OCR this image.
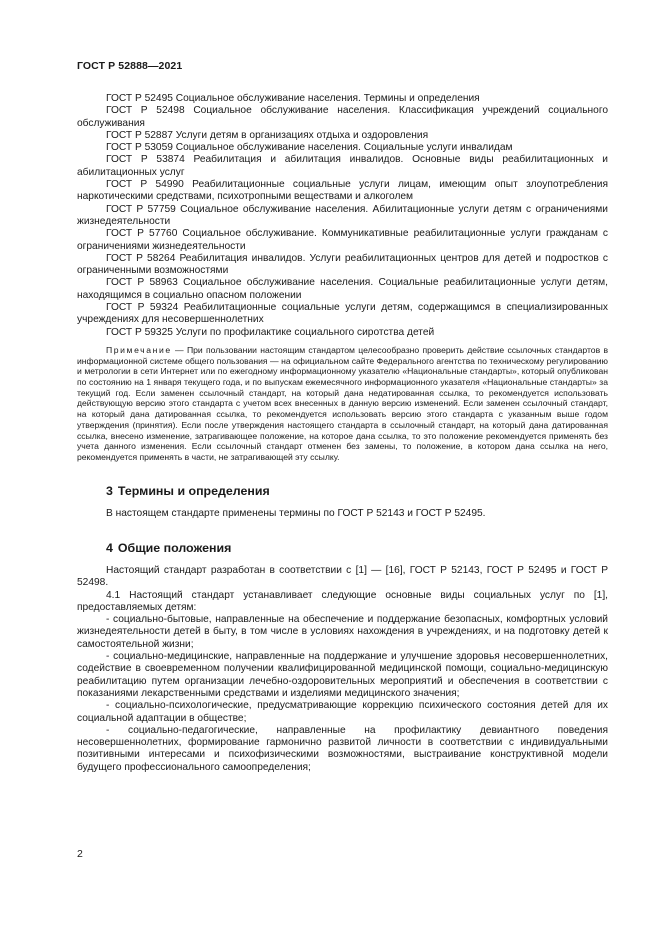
ГОСТ Р 52888—2021

ГОСТ Р 52495 Социальное обслуживание населения. Термины и определения

ГОСТ Р 52498 Социальное обслуживание населения. Классификация учреждений социального обслуживания

ГОСТ Р 52887 Услуги детям в организациях отдыха и оздоровления

ГОСТ Р 53059 Социальное обслуживание населения. Социальные услуги инвалидам

ГОСТ Р 53874 Реабилитация и абилитация инвалидов. Основные виды реабилитационных и абилитационных услуг

ГОСТ Р 54990 Реабилитационные социальные услуги лицам, имеющим опыт злоупотребления наркотическими средствами, психотропными веществами и алкоголем

ГОСТ Р 57759 Социальное обслуживание населения. Абилитационные услуги детям с ограничениями жизнедеятельности

ГОСТ Р 57760 Социальное обслуживание. Коммуникативные реабилитационные услуги гражданам с ограничениями жизнедеятельности

ГОСТ Р 58264 Реабилитация инвалидов. Услуги реабилитационных центров для детей и подростков с ограниченными возможностями

ГОСТ Р 58963 Социальное обслуживание населения. Социальные реабилитационные услуги детям, находящимся в социально опасном положении

ГОСТ Р 59324 Реабилитационные социальные услуги детям, содержащимся в специализированных учреждениях для несовершеннолетних

ГОСТ Р 59325 Услуги по профилактике социального сиротства детей

Примечание — При пользовании настоящим стандартом целесообразно проверить действие ссылочных стандартов в информационной системе общего пользования — на официальном сайте Федерального агентства по техническому регулированию и метрологии в сети Интернет или по ежегодному информационному указателю «Национальные стандарты», который опубликован по состоянию на 1 января текущего года, и по выпускам ежемесячного информационного указателя «Национальные стандарты» за текущий год. Если заменен ссылочный стандарт, на который дана недатированная ссылка, то рекомендуется использовать действующую версию этого стандарта с учетом всех внесенных в данную версию изменений. Если заменен ссылочный стандарт, на который дана датированная ссылка, то рекомендуется использовать версию этого стандарта с указанным выше годом утверждения (принятия). Если после утверждения настоящего стандарта в ссылочный стандарт, на который дана датированная ссылка, внесено изменение, затрагивающее положение, на которое дана ссылка, то это положение рекомендуется применять без учета данного изменения. Если ссылочный стандарт отменен без замены, то положение, в котором дана ссылка на него, рекомендуется применять в части, не затрагивающей эту ссылку.

3 Термины и определения

В настоящем стандарте применены термины по ГОСТ Р 52143 и ГОСТ Р 52495.

4 Общие положения

Настоящий стандарт разработан в соответствии с [1] — [16], ГОСТ Р 52143, ГОСТ Р 52495 и ГОСТ Р 52498.

4.1 Настоящий стандарт устанавливает следующие основные виды социальных услуг по [1], предоставляемых детям:

- социально-бытовые, направленные на обеспечение и поддержание безопасных, комфортных условий жизнедеятельности детей в быту, в том числе в условиях нахождения в учреждениях, и на подготовку детей к самостоятельной жизни;

- социально-медицинские, направленные на поддержание и улучшение здоровья несовершеннолетних, содействие в своевременном получении квалифицированной медицинской помощи, социально-медицинскую реабилитацию путем организации лечебно-оздоровительных мероприятий и обеспечения в соответствии с показаниями лекарственными средствами и изделиями медицинского значения;

- социально-психологические, предусматривающие коррекцию психического состояния детей для их социальной адаптации в обществе;

- социально-педагогические, направленные на профилактику девиантного поведения несовершеннолетних, формирование гармонично развитой личности в соответствии с индивидуальными позитивными интересами и психофизическими возможностями, выстраивание конструктивной модели будущего профессионального самоопределения;

2
